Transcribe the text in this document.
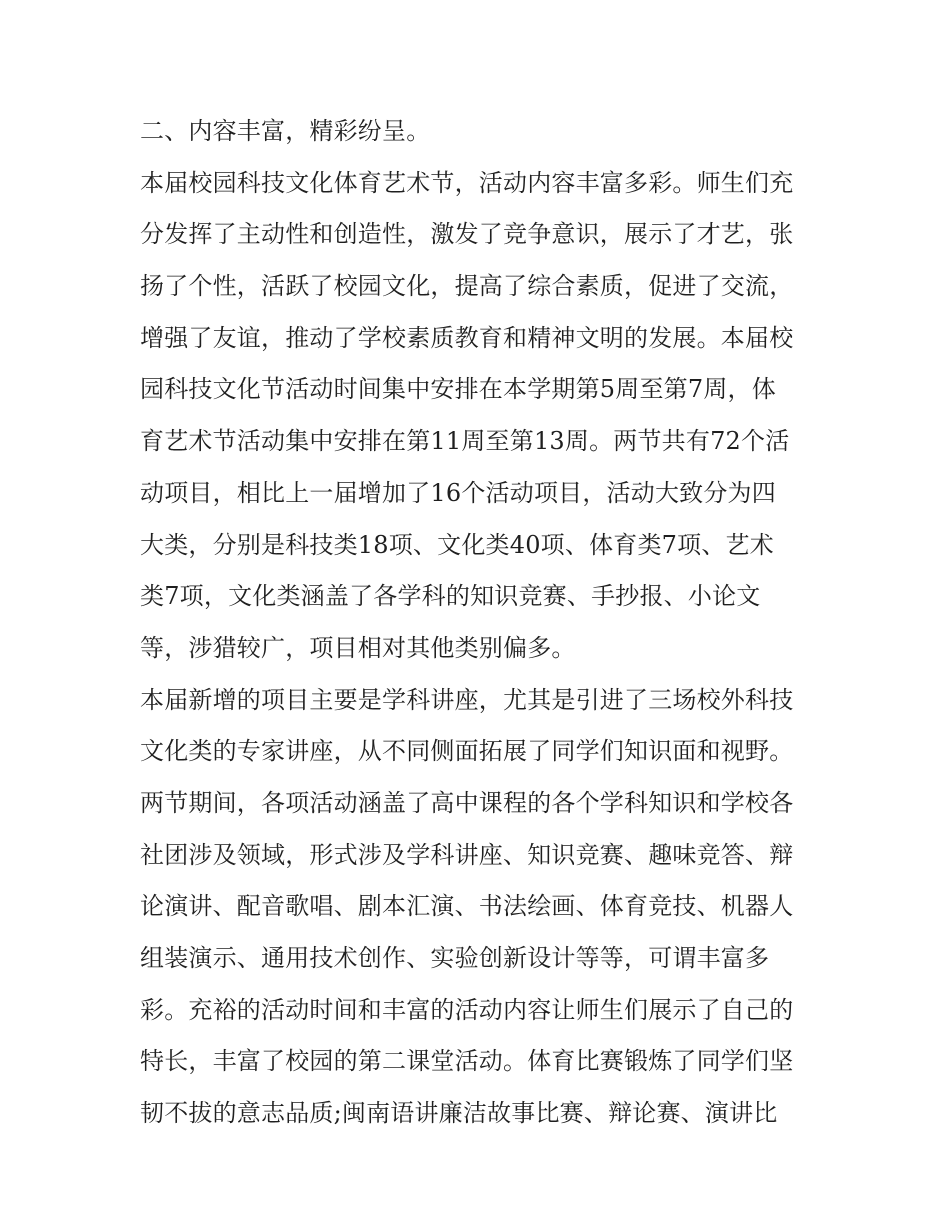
二、内容丰富，精彩纷呈。
本届校园科技文化体育艺术节，活动内容丰富多彩。师生们充
分发挥了主动性和创造性，激发了竞争意识，展示了才艺，张
扬了个性，活跃了校园文化，提高了综合素质，促进了交流，
增强了友谊，推动了学校素质教育和精神文明的发展。本届校
园科技文化节活动时间集中安排在本学期第5周至第7周，体
育艺术节活动集中安排在第11周至第13周。两节共有72个活
动项目，相比上一届增加了16个活动项目，活动大致分为四
大类，分别是科技类18项、文化类40项、体育类7项、艺术
类7项，文化类涵盖了各学科的知识竞赛、手抄报、小论文
等，涉猎较广，项目相对其他类别偏多。
本届新增的项目主要是学科讲座，尤其是引进了三场校外科技
文化类的专家讲座，从不同侧面拓展了同学们知识面和视野。
两节期间，各项活动涵盖了高中课程的各个学科知识和学校各
社团涉及领域，形式涉及学科讲座、知识竞赛、趣味竞答、辩
论演讲、配音歌唱、剧本汇演、书法绘画、体育竞技、机器人
组装演示、通用技术创作、实验创新设计等等，可谓丰富多
彩。充裕的活动时间和丰富的活动内容让师生们展示了自己的
特长，丰富了校园的第二课堂活动。体育比赛锻炼了同学们坚
韧不拔的意志品质;闽南语讲廉洁故事比赛、辩论赛、演讲比
